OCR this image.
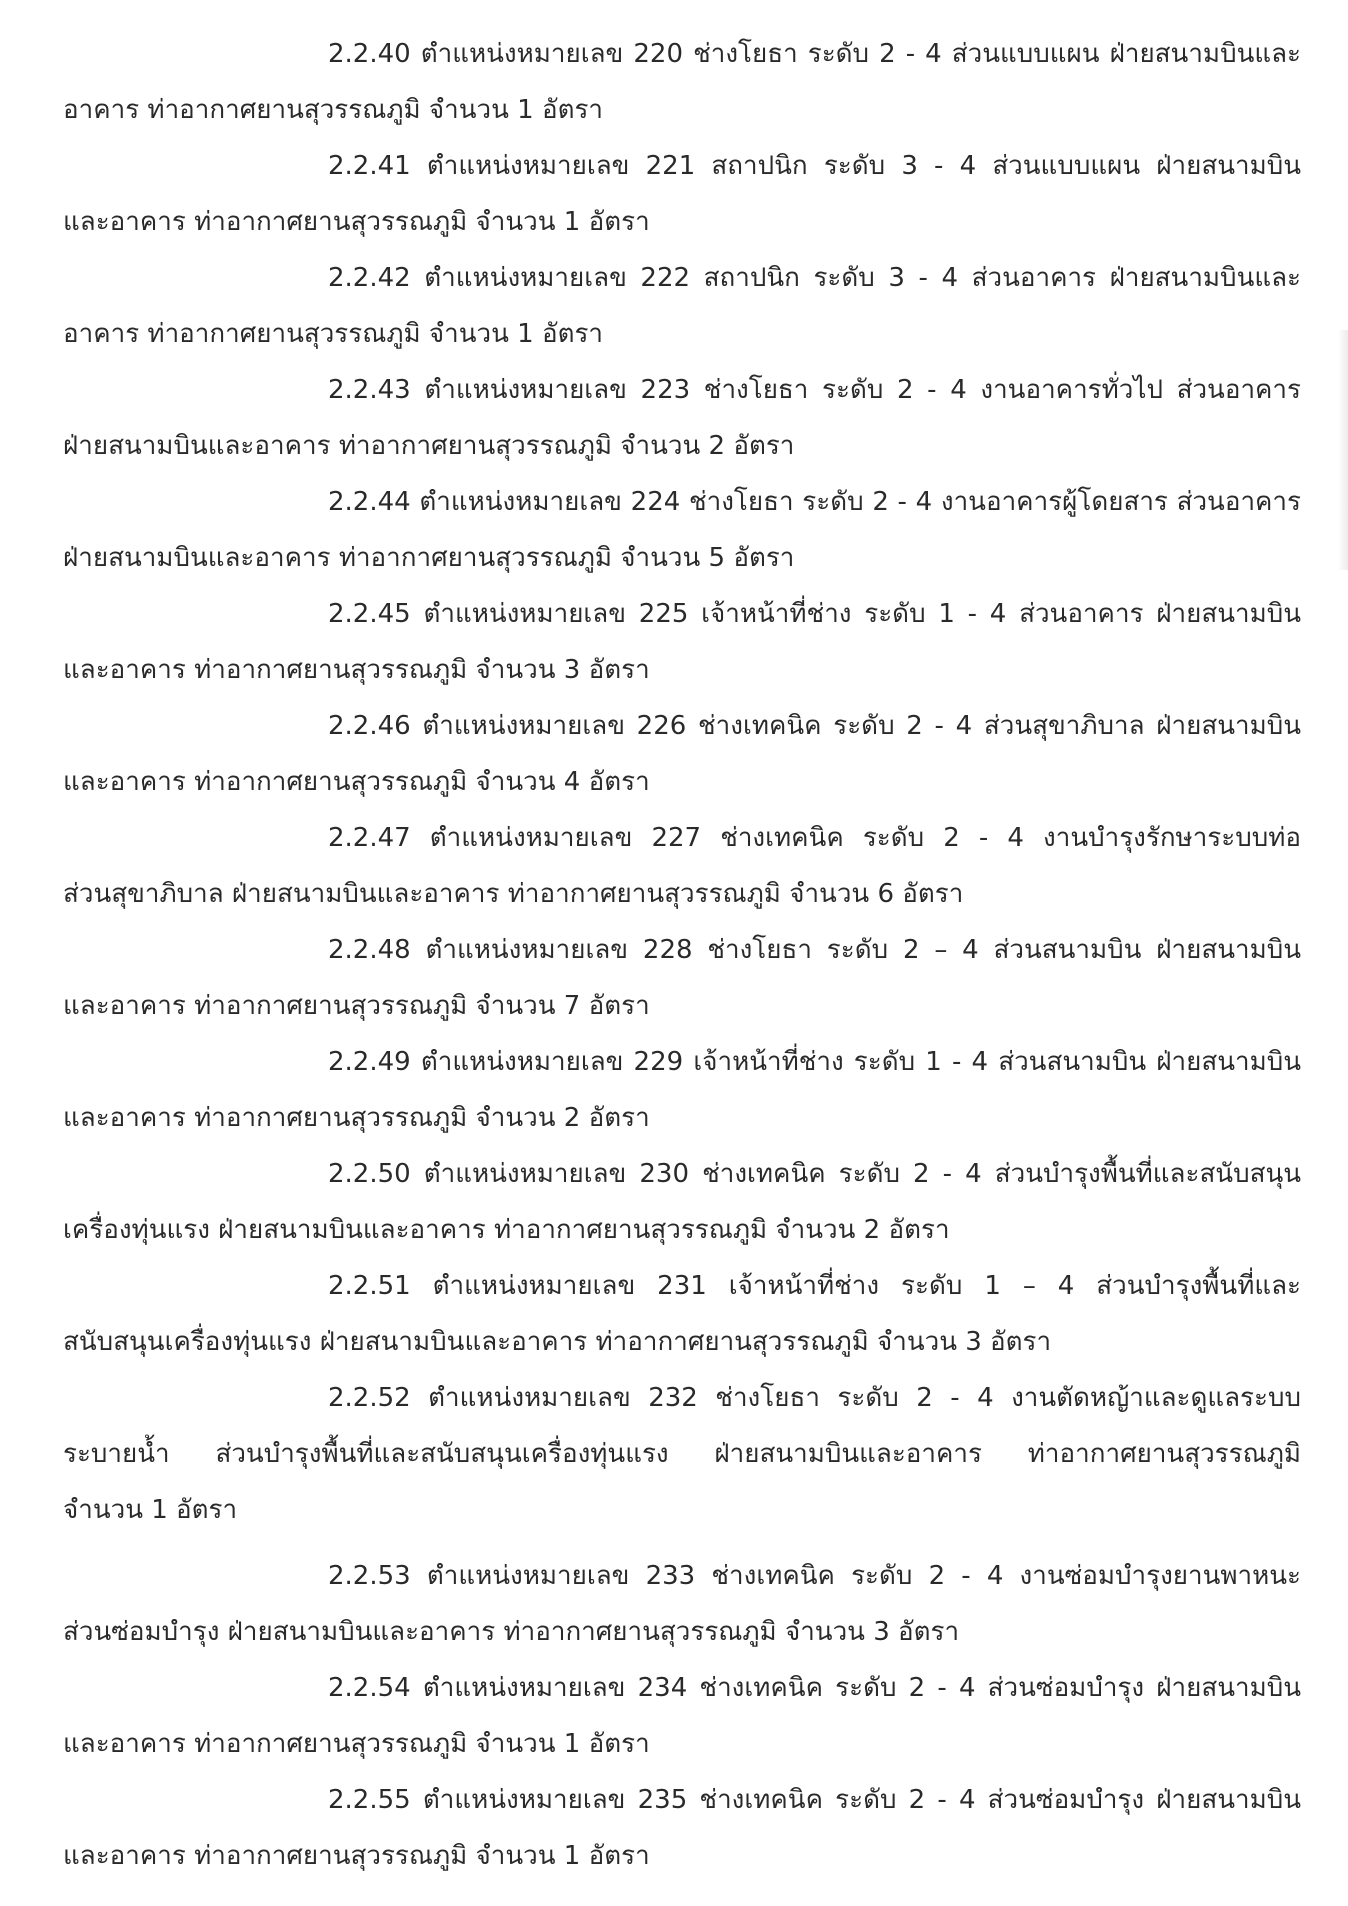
2.2.40 ตำแหน่งหมายเลข 220 ช่างโยธา ระดับ 2 - 4 ส่วนแบบแผน ฝ่ายสนามบินและ
อาคาร ท่าอากาศยานสุวรรณภูมิ จำนวน 1 อัตรา

2.2.41 ตำแหน่งหมายเลข 221 สถาปนิก ระดับ 3 - 4 ส่วนแบบแผน ฝ่ายสนามบิน
และอาคาร ท่าอากาศยานสุวรรณภูมิ จำนวน 1 อัตรา

2.2.42 ตำแหน่งหมายเลข 222 สถาปนิก ระดับ 3 - 4 ส่วนอาคาร ฝ่ายสนามบินและ
อาคาร ท่าอากาศยานสุวรรณภูมิ จำนวน 1 อัตรา

2.2.43 ตำแหน่งหมายเลข 223 ช่างโยธา ระดับ 2 - 4 งานอาคารทั่วไป ส่วนอาคาร
ฝ่ายสนามบินและอาคาร ท่าอากาศยานสุวรรณภูมิ จำนวน 2 อัตรา

2.2.44 ตำแหน่งหมายเลข 224 ช่างโยธา ระดับ 2 - 4 งานอาคารผู้โดยสาร ส่วนอาคาร
ฝ่ายสนามบินและอาคาร ท่าอากาศยานสุวรรณภูมิ จำนวน 5 อัตรา

2.2.45 ตำแหน่งหมายเลข 225 เจ้าหน้าที่ช่าง ระดับ 1 - 4 ส่วนอาคาร ฝ่ายสนามบิน
และอาคาร ท่าอากาศยานสุวรรณภูมิ จำนวน 3 อัตรา

2.2.46 ตำแหน่งหมายเลข 226 ช่างเทคนิค ระดับ 2 - 4 ส่วนสุขาภิบาล ฝ่ายสนามบิน
และอาคาร ท่าอากาศยานสุวรรณภูมิ จำนวน 4 อัตรา

2.2.47 ตำแหน่งหมายเลข 227 ช่างเทคนิค ระดับ 2 - 4 งานบำรุงรักษาระบบท่อ
ส่วนสุขาภิบาล ฝ่ายสนามบินและอาคาร ท่าอากาศยานสุวรรณภูมิ จำนวน 6 อัตรา

2.2.48 ตำแหน่งหมายเลข 228 ช่างโยธา ระดับ 2 – 4 ส่วนสนามบิน ฝ่ายสนามบิน
และอาคาร ท่าอากาศยานสุวรรณภูมิ จำนวน 7 อัตรา

2.2.49 ตำแหน่งหมายเลข 229 เจ้าหน้าที่ช่าง ระดับ 1 - 4 ส่วนสนามบิน ฝ่ายสนามบิน
และอาคาร ท่าอากาศยานสุวรรณภูมิ จำนวน 2 อัตรา

2.2.50 ตำแหน่งหมายเลข 230 ช่างเทคนิค ระดับ 2 - 4 ส่วนบำรุงพื้นที่และสนับสนุน
เครื่องทุ่นแรง ฝ่ายสนามบินและอาคาร ท่าอากาศยานสุวรรณภูมิ จำนวน 2 อัตรา

2.2.51 ตำแหน่งหมายเลข 231 เจ้าหน้าที่ช่าง ระดับ 1 – 4 ส่วนบำรุงพื้นที่และ
สนับสนุนเครื่องทุ่นแรง ฝ่ายสนามบินและอาคาร ท่าอากาศยานสุวรรณภูมิ จำนวน 3 อัตรา

2.2.52 ตำแหน่งหมายเลข 232 ช่างโยธา ระดับ 2 - 4 งานตัดหญ้าและดูแลระบบ
ระบายน้ำ ส่วนบำรุงพื้นที่และสนับสนุนเครื่องทุ่นแรง ฝ่ายสนามบินและอาคาร ท่าอากาศยานสุวรรณภูมิ
จำนวน 1 อัตรา

2.2.53 ตำแหน่งหมายเลข 233 ช่างเทคนิค ระดับ 2 - 4 งานซ่อมบำรุงยานพาหนะ
ส่วนซ่อมบำรุง ฝ่ายสนามบินและอาคาร ท่าอากาศยานสุวรรณภูมิ จำนวน 3 อัตรา

2.2.54 ตำแหน่งหมายเลข 234 ช่างเทคนิค ระดับ 2 - 4 ส่วนซ่อมบำรุง ฝ่ายสนามบิน
และอาคาร ท่าอากาศยานสุวรรณภูมิ จำนวน 1 อัตรา

2.2.55 ตำแหน่งหมายเลข 235 ช่างเทคนิค ระดับ 2 - 4 ส่วนซ่อมบำรุง ฝ่ายสนามบิน
และอาคาร ท่าอากาศยานสุวรรณภูมิ จำนวน 1 อัตรา
